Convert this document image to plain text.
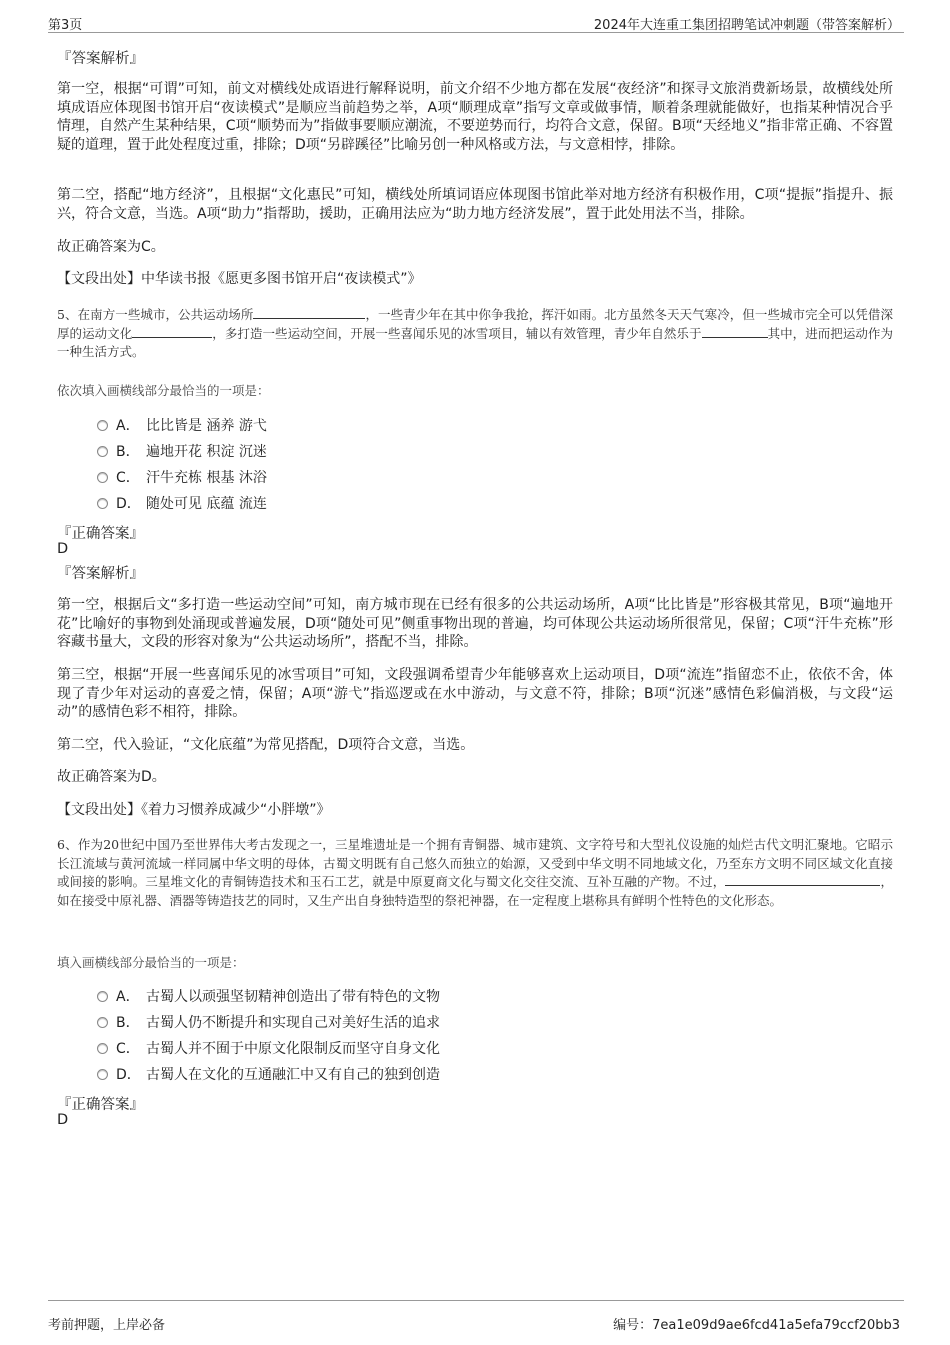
第3页	2024年大连重工集团招聘笔试冲刺题（带答案解析）
『答案解析』
第一空，根据“可谓”可知，前文对横线处成语进行解释说明，前文介绍不少地方都在发展“夜经济”和探寻文旅消费新场景，故横线处所填成语应体现图书馆开启“夜读模式”是顺应当前趋势之举，A项“顺理成章”指写文章或做事情，顺着条理就能做好，也指某种情况合乎情理，自然产生某种结果，C项“顺势而为”指做事要顺应潮流，不要逆势而行，均符合文意，保留。B项“天经地义”指非常正确、不容置疑的道理，置于此处程度过重，排除；D项“另辟蹊径”比喻另创一种风格或方法，与文意相悖，排除。
第二空，搭配“地方经济”，且根据“文化惠民”可知，横线处所填词语应体现图书馆此举对地方经济有积极作用，C项“提振”指提升、振兴，符合文意，当选。A项“助力”指帮助，援助，正确用法应为“助力地方经济发展”，置于此处用法不当，排除。
故正确答案为C。
【文段出处】中华读书报《愿更多图书馆开启“夜读模式”》
5、在南方一些城市，公共运动场所	，一些青少年在其中你争我抢，挥汗如雨。北方虽然冬天天气寒冷，但一些城市完全可以凭借深厚的运动文化	，多打造一些运动空间，开展一些喜闻乐见的冰雪项目，辅以有效管理，青少年自然乐于	其中，进而把运动作为一种生活方式。
依次填入画横线部分最恰当的一项是：
A． 比比皆是 涵养 游弋
B． 遍地开花 积淀 沉迷
C． 汗牛充栋 根基 沐浴
D． 随处可见 底蕴 流连
『正确答案』
D
『答案解析』
第一空，根据后文“多打造一些运动空间”可知，南方城市现在已经有很多的公共运动场所，A项“比比皆是”形容极其常见，B项“遍地开花”比喻好的事物到处涌现或普遍发展，D项“随处可见”侧重事物出现的普遍，均可体现公共运动场所很常见，保留；C项“汗牛充栋”形容藏书量大，文段的形容对象为“公共运动场所”，搭配不当，排除。
第三空，根据“开展一些喜闻乐见的冰雪项目”可知，文段强调希望青少年能够喜欢上运动项目，D项“流连”指留恋不止，依依不舍，体现了青少年对运动的喜爱之情，保留；A项“游弋”指巡逻或在水中游动，与文意不符，排除；B项“沉迷”感情色彩偏消极，与文段“运动”的感情色彩不相符，排除。
第二空，代入验证，“文化底蕴”为常见搭配，D项符合文意，当选。
故正确答案为D。
【文段出处】《着力习惯养成减少“小胖墩”》
6、作为20世纪中国乃至世界伟大考古发现之一，三星堆遗址是一个拥有青铜器、城市建筑、文字符号和大型礼仪设施的灿烂古代文明汇聚地。它昭示长江流域与黄河流域一样同属中华文明的母体，古蜀文明既有自己悠久而独立的始源，又受到中华文明不同地域文化，乃至东方文明不同区域文化直接或间接的影响。三星堆文化的青铜铸造技术和玉石工艺，就是中原夏商文化与蜀文化交往交流、互补互融的产物。不过，	，如在接受中原礼器、酒器等铸造技艺的同时，又生产出自身独特造型的祭祀神器，在一定程度上堪称具有鲜明个性特色的文化形态。
填入画横线部分最恰当的一项是：
A． 古蜀人以顽强坚韧精神创造出了带有特色的文物
B． 古蜀人仍不断提升和实现自己对美好生活的追求
C． 古蜀人并不囿于中原文化限制反而坚守自身文化
D． 古蜀人在文化的互通融汇中又有自己的独到创造
『正确答案』
D
考前押题，上岸必备	编号：7ea1e09d9ae6fcd41a5efa79ccf20bb3
